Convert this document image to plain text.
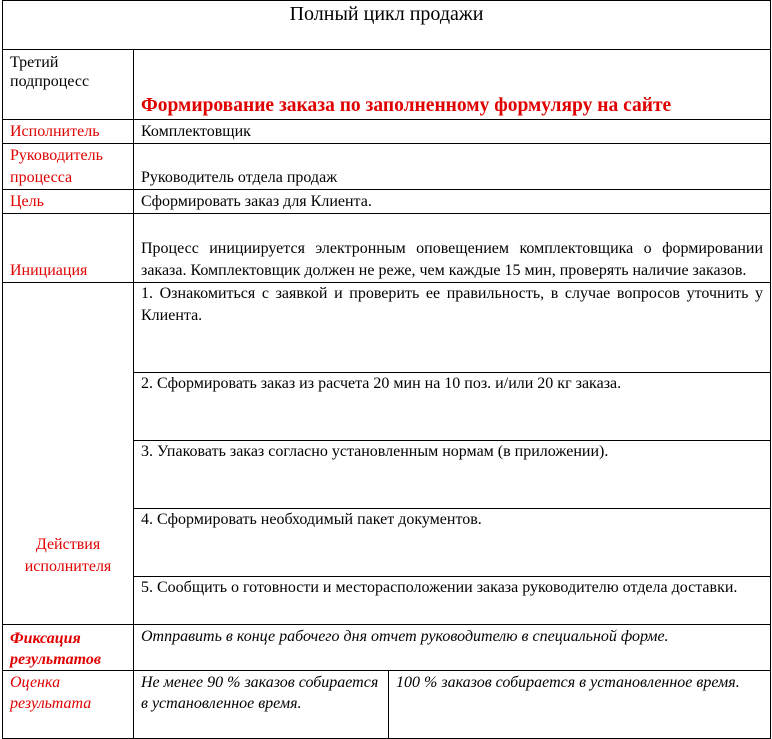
Полный цикл продажи		
Третий подпроцесс	Формирование заказа по заполненному формуляру на сайте	
Исполнитель	Комплектовщик	
Руководитель процесса	Руководитель отдела продаж	
Цель	Сформировать заказ для Клиента.	
Инициация	Процесс инициируется электронным оповещением комплектовщика о формировании заказа. Комплектовщик должен не реже, чем каждые 15 мин, проверять наличие заказов.	
Действия исполнителя	1. Ознакомиться с заявкой и проверить ее правильность, в случае вопросов уточнить у Клиента.	
	2. Сформировать заказ из расчета 20 мин на 10 поз. и/или 20 кг заказа.	
	3. Упаковать заказ согласно установленным нормам (в приложении).	
	4. Сформировать необходимый пакет документов.	
	5. Сообщить о готовности и месторасположении заказа руководителю отдела доставки.	
Фиксация результатов	Отправить в конце рабочего дня отчет руководителю в специальной форме.	
Оценка результата	Не менее 90 % заказов собирается в установленное время.	100 % заказов собирается в установленное время.
